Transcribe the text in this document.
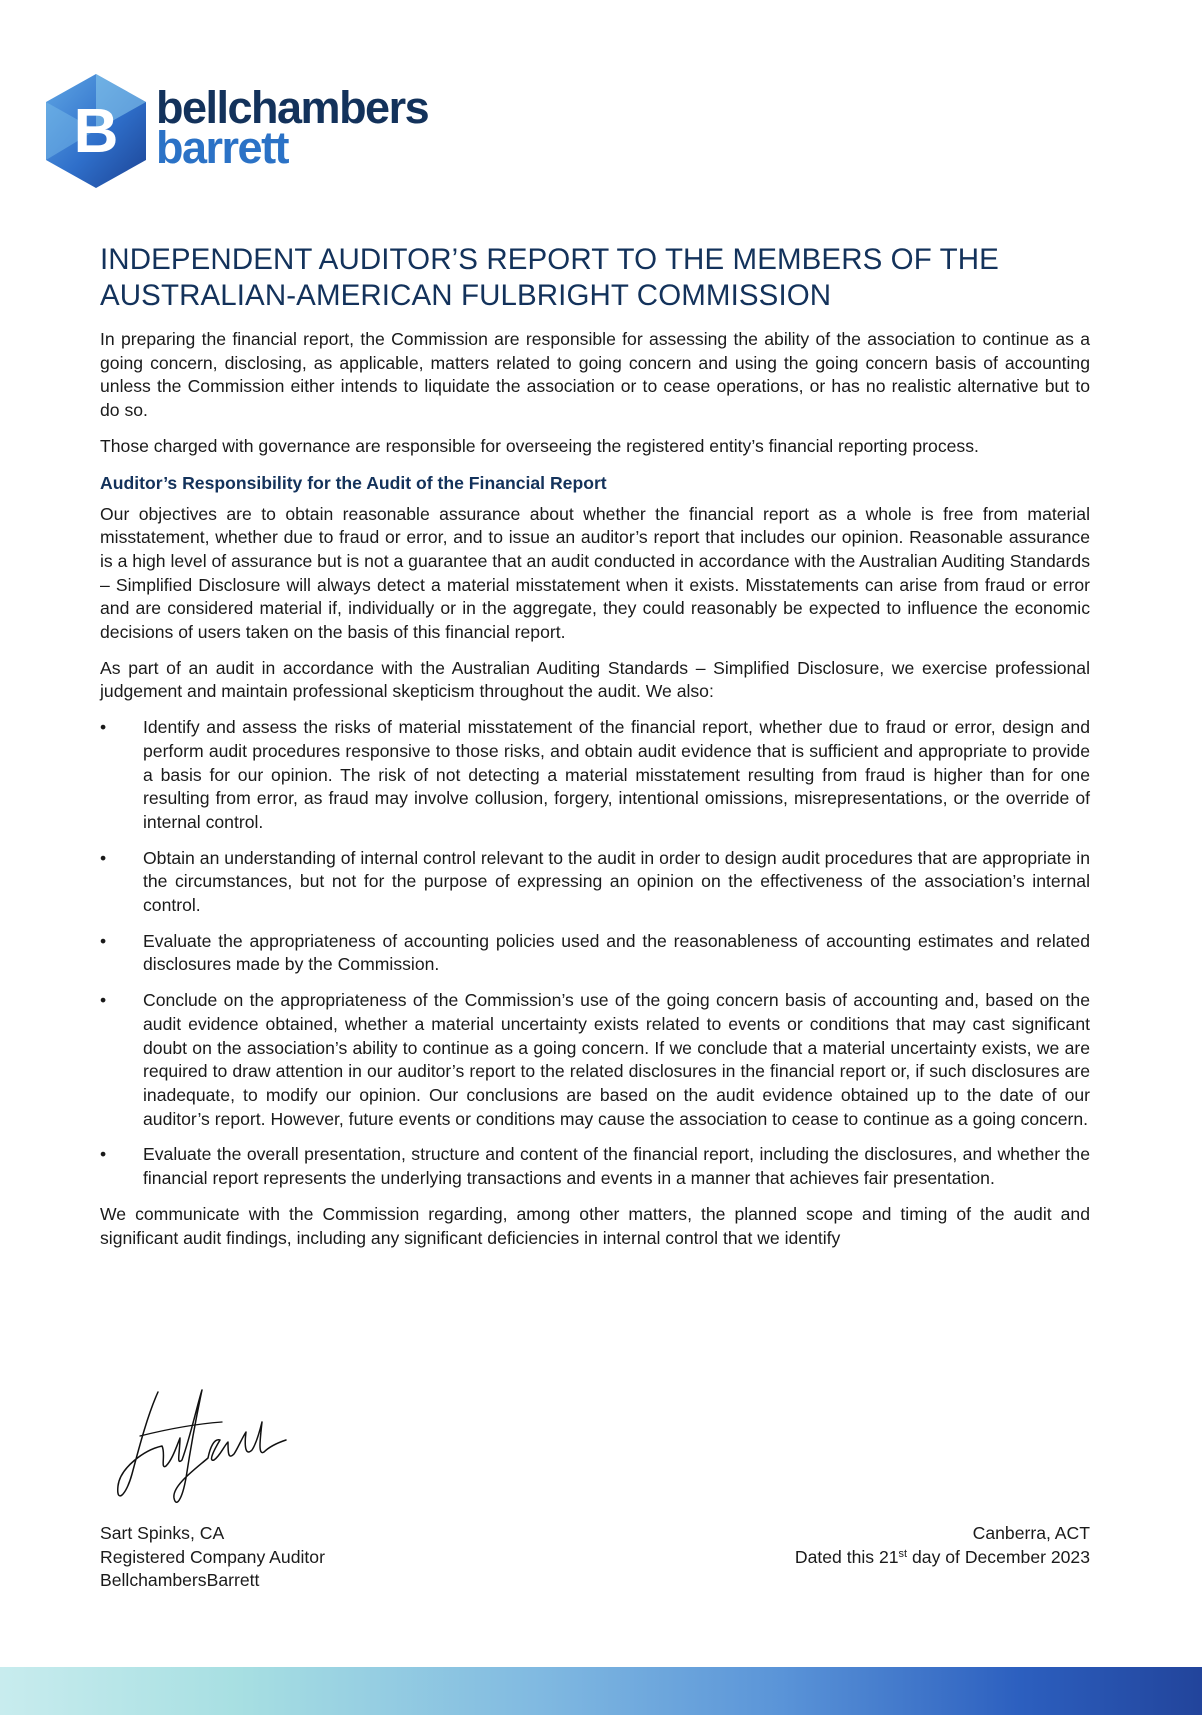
B bellchambers
barrett
INDEPENDENT AUDITOR’S REPORT TO THE MEMBERS OF THE
AUSTRALIAN-AMERICAN FULBRIGHT COMMISSION

In preparing the financial report, the Commission are responsible for assessing the ability of the association to continue as a going concern, disclosing, as applicable, matters related to going concern and using the going concern basis of accounting unless the Commission either intends to liquidate the association or to cease operations, or has no realistic alternative but to do so.

Those charged with governance are responsible for overseeing the registered entity’s financial reporting process.

Auditor’s Responsibility for the Audit of the Financial Report

Our objectives are to obtain reasonable assurance about whether the financial report as a whole is free from material misstatement, whether due to fraud or error, and to issue an auditor’s report that includes our opinion. Reasonable assurance is a high level of assurance but is not a guarantee that an audit conducted in accordance with the Australian Auditing Standards – Simplified Disclosure will always detect a material misstatement when it exists. Misstatements can arise from fraud or error and are considered material if, individually or in the aggregate, they could reasonably be expected to influence the economic decisions of users taken on the basis of this financial report.

As part of an audit in accordance with the Australian Auditing Standards – Simplified Disclosure, we exercise professional judgement and maintain professional skepticism throughout the audit. We also:

•	Identify and assess the risks of material misstatement of the financial report, whether due to fraud or error, design and perform audit procedures responsive to those risks, and obtain audit evidence that is sufficient and appropriate to provide a basis for our opinion. The risk of not detecting a material misstatement resulting from fraud is higher than for one resulting from error, as fraud may involve collusion, forgery, intentional omissions, misrepresentations, or the override of internal control.
•	Obtain an understanding of internal control relevant to the audit in order to design audit procedures that are appropriate in the circumstances, but not for the purpose of expressing an opinion on the effectiveness of the association’s internal control.
•	Evaluate the appropriateness of accounting policies used and the reasonableness of accounting estimates and related disclosures made by the Commission.
•	Conclude on the appropriateness of the Commission’s use of the going concern basis of accounting and, based on the audit evidence obtained, whether a material uncertainty exists related to events or conditions that may cast significant doubt on the association’s ability to continue as a going concern. If we conclude that a material uncertainty exists, we are required to draw attention in our auditor’s report to the related disclosures in the financial report or, if such disclosures are inadequate, to modify our opinion. Our conclusions are based on the audit evidence obtained up to the date of our auditor’s report. However, future events or conditions may cause the association to cease to continue as a going concern.
•	Evaluate the overall presentation, structure and content of the financial report, including the disclosures, and whether the financial report represents the underlying transactions and events in a manner that achieves fair presentation.

We communicate with the Commission regarding, among other matters, the planned scope and timing of the audit and significant audit findings, including any significant deficiencies in internal control that we identify

Sart Spinks, CA
Registered Company Auditor
BellchambersBarrett
Canberra, ACT
Dated this 21st day of December 2023
